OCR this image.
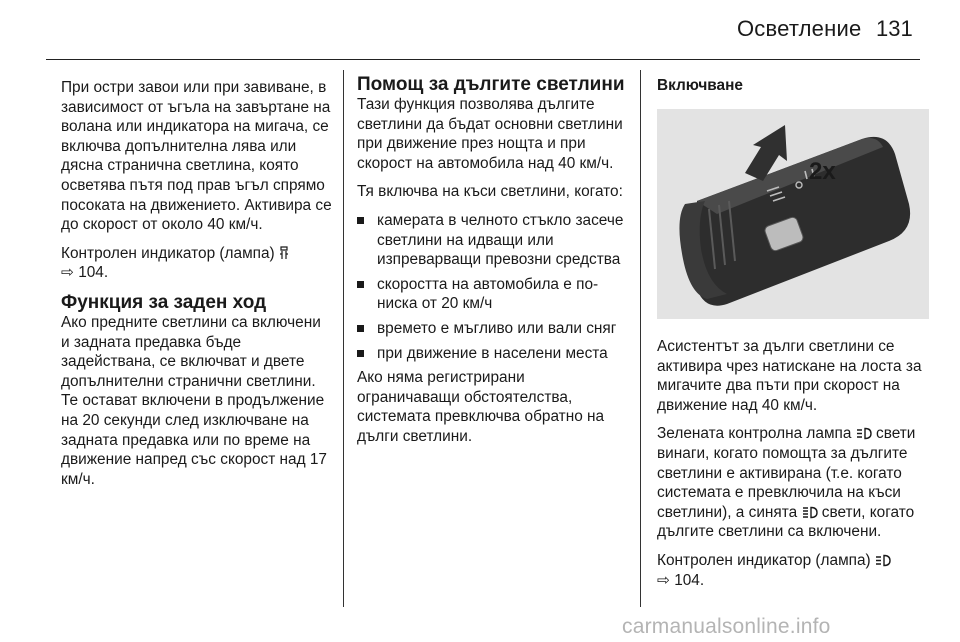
Осветление 131

При остри завои или при завиване, в зависимост от ъгъла на завъртане на волана или индикатора на мигача, се включва допълнителна лява или дясна странична светлина, която осветява пътя под прав ъгъл спрямо посоката на движението. Активира се до скорост от около 40 км/ч.

Контролен индикатор (лампа)
⇨ 104.

Функция за заден ход

Ако предните светлини са включени и задната предавка бъде задействана, се включват и двете допълнителни странични светлини. Те остават включени в продължение на 20 секунди след изключване на задната предавка или по време на движение напред със скорост над 17 км/ч.

Помощ за дългите светлини

Тази функция позволява дългите светлини да бъдат основни светлини при движение през нощта и при скорост на автомобила над 40 км/ч.

Тя включва на къси светлини, когато:

камерата в челното стъкло засече светлини на идващи или изпреварващи превозни средства
скоростта на автомобила е по-ниска от 20 км/ч
времето е мъгливо или вали сняг
при движение в населени места

Ако няма регистрирани ограничаващи обстоятелства, системата превключва обратно на дълги светлини.

Включване
2x

Асистентът за дълги светлини се активира чрез натискане на лоста за мигачите два пъти при скорост на движение над 40 км/ч.

Зелената контролна лампа свети винаги, когато помощта за дългите светлини е активирана (т.е. когато системата е превключила на къси светлини), а синята свети, когато дългите светлини са включени.

Контролен индикатор (лампа)
⇨ 104.

carmanualsonline.info
